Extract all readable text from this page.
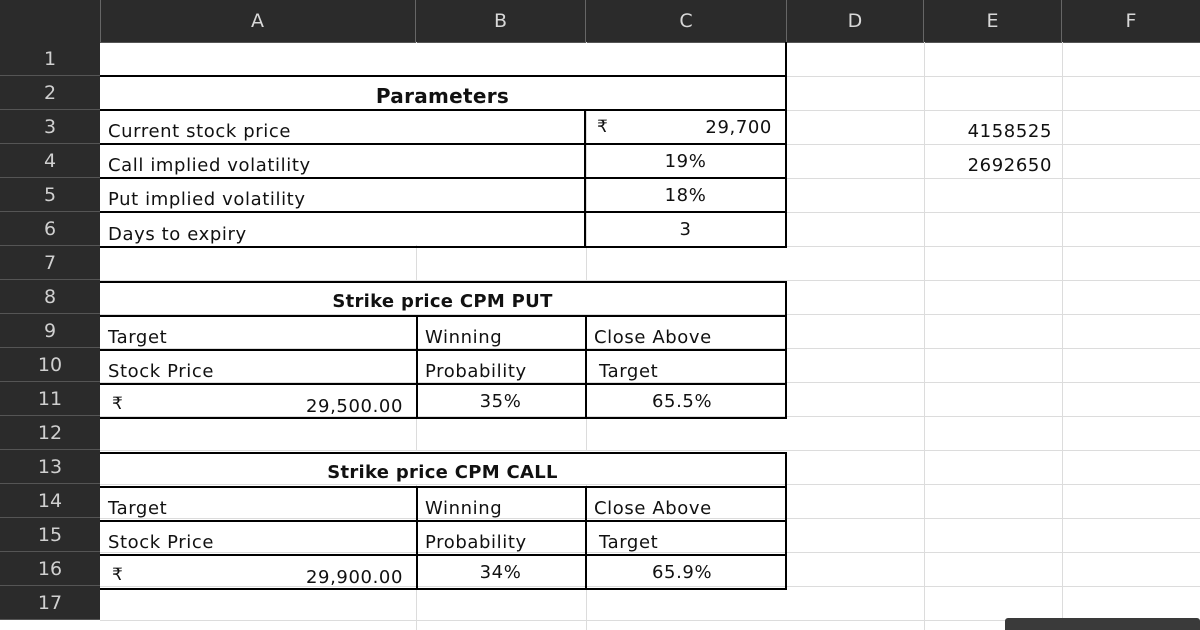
A	B	C	D	E	F
1
2
3
4
5
6
7
8
9
10
11
12
13
14
15
16
17
Parameters
Current stock price	₹	29,700
Call implied volatility	19%
Put implied volatility	18%
Days to expiry	3
4158525
2692650
Strike price CPM PUT
Target	Winning	Close Above
Stock Price	Probability	Target
₹	29,500.00	35%	65.5%
Strike price CPM CALL
Target	Winning	Close Above
Stock Price	Probability	Target
₹	29,900.00	34%	65.9%
